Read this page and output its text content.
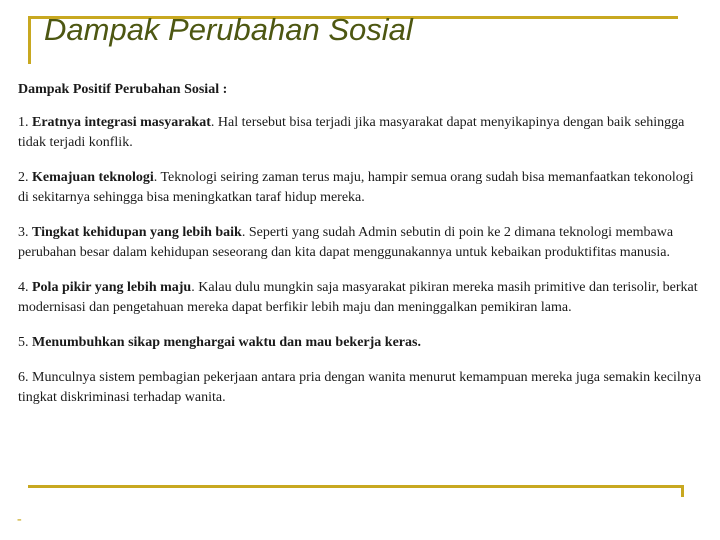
Dampak Perubahan Sosial

Dampak Positif Perubahan Sosial :

1. Eratnya integrasi masyarakat. Hal tersebut bisa terjadi jika masyarakat dapat menyikapinya dengan baik sehingga tidak terjadi konflik.

2. Kemajuan teknologi. Teknologi seiring zaman terus maju, hampir semua orang sudah bisa memanfaatkan tekonologi di sekitarnya sehingga bisa meningkatkan taraf hidup mereka.

3. Tingkat kehidupan yang lebih baik. Seperti yang sudah Admin sebutin di poin ke 2 dimana teknologi membawa perubahan besar dalam kehidupan seseorang dan kita dapat menggunakannya untuk kebaikan produktifitas manusia.

4. Pola pikir yang lebih maju. Kalau dulu mungkin saja masyarakat pikiran mereka masih primitive dan terisolir, berkat modernisasi dan pengetahuan mereka dapat berfikir lebih maju dan meninggalkan pemikiran lama.

5. Menumbuhkan sikap menghargai waktu dan mau bekerja keras.

6. Munculnya sistem pembagian pekerjaan antara pria dengan wanita menurut kemampuan mereka juga semakin kecilnya tingkat diskriminasi terhadap wanita.

-
